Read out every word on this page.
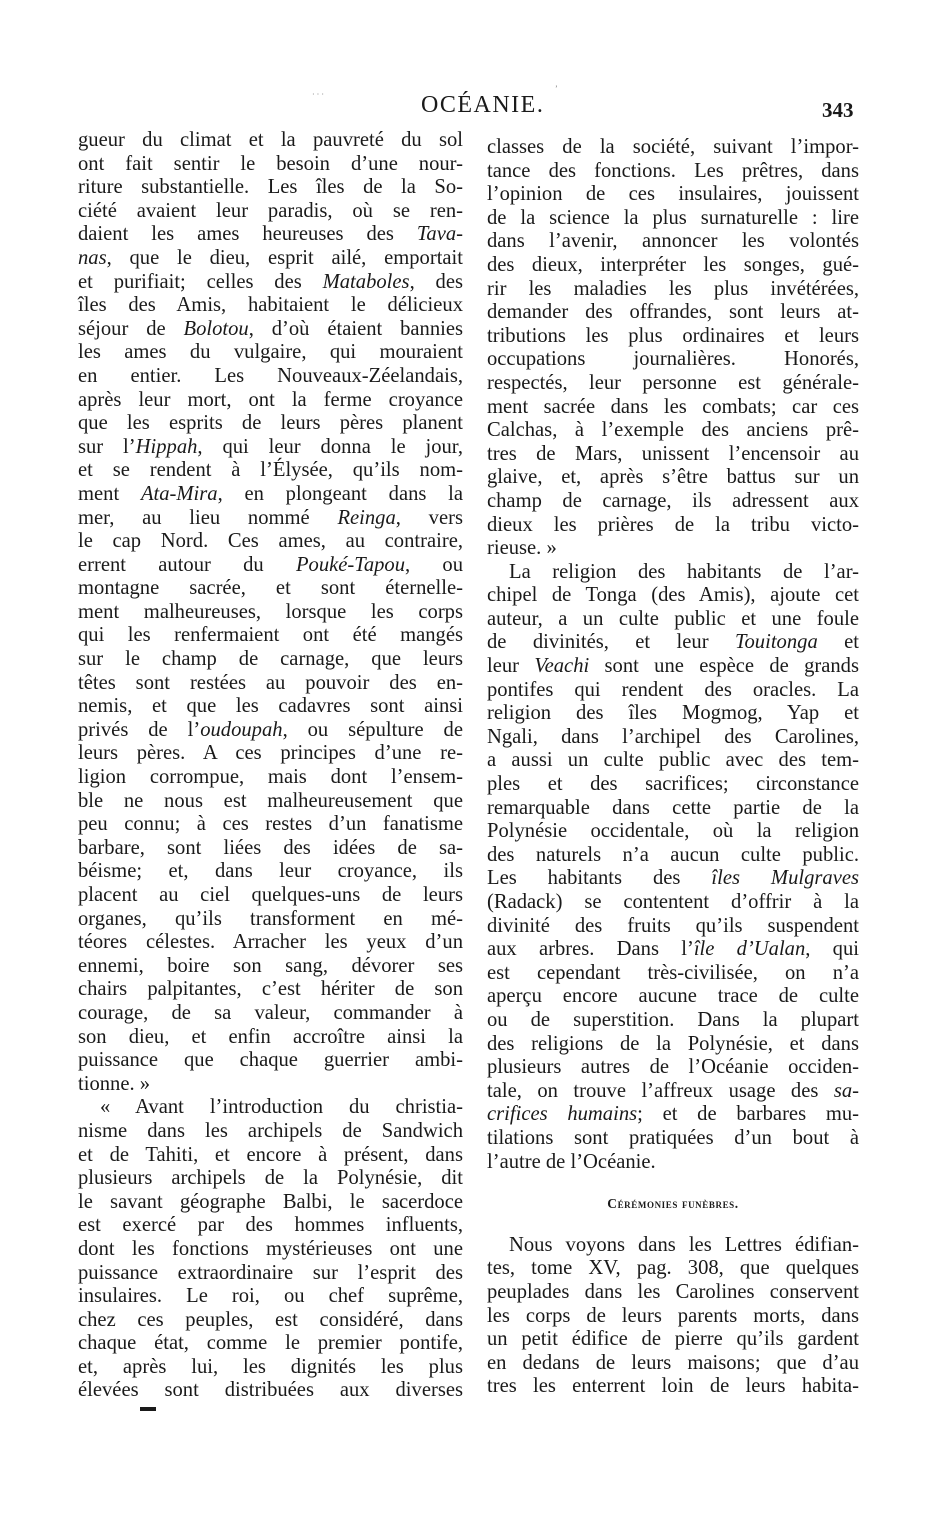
OCÉANIE.	343
gueur du climat et la pauvreté du sol
ont fait sentir le besoin d’une nour-
riture substantielle. Les îles de la So-
ciété avaient leur paradis, où se ren-
daient les ames heureuses des Tava-
nas, que le dieu, esprit ailé, emportait
et purifiait; celles des Mataboles, des
îles des Amis, habitaient le délicieux
séjour de Bolotou, d’où étaient bannies
les ames du vulgaire, qui mouraient
en entier. Les Nouveaux-Zéelandais,
après leur mort, ont la ferme croyance
que les esprits de leurs pères planent
sur l’Hippah, qui leur donna le jour,
et se rendent à l’Élysée, qu’ils nom-
ment Ata-Mira, en plongeant dans la
mer, au lieu nommé Reinga, vers
le cap Nord. Ces ames, au contraire,
errent autour du Pouké-Tapou, ou
montagne sacrée, et sont éternelle-
ment malheureuses, lorsque les corps
qui les renfermaient ont été mangés
sur le champ de carnage, que leurs
têtes sont restées au pouvoir des en-
nemis, et que les cadavres sont ainsi
privés de l’oudoupah, ou sépulture de
leurs pères. A ces principes d’une re-
ligion corrompue, mais dont l’ensem-
ble ne nous est malheureusement que
peu connu; à ces restes d’un fanatisme
barbare, sont liées des idées de sa-
béisme; et, dans leur croyance, ils
placent au ciel quelques-uns de leurs
organes, qu’ils transforment en mé-
téores célestes. Arracher les yeux d’un
ennemi, boire son sang, dévorer ses
chairs palpitantes, c’est hériter de son
courage, de sa valeur, commander à
son dieu, et enfin accroître ainsi la
puissance que chaque guerrier ambi-
tionne. »
« Avant l’introduction du christia-
nisme dans les archipels de Sandwich
et de Tahiti, et encore à présent, dans
plusieurs archipels de la Polynésie, dit
le savant géographe Balbi, le sacerdoce
est exercé par des hommes influents,
dont les fonctions mystérieuses ont une
puissance extraordinaire sur l’esprit des
insulaires. Le roi, ou chef suprême,
chez ces peuples, est considéré, dans
chaque état, comme le premier pontife,
et, après lui, les dignités les plus
élevées sont distribuées aux diverses
classes de la société, suivant l’impor-
tance des fonctions. Les prêtres, dans
l’opinion de ces insulaires, jouissent
de la science la plus surnaturelle : lire
dans l’avenir, annoncer les volontés
des dieux, interpréter les songes, gué-
rir les maladies les plus invétérées,
demander des offrandes, sont leurs at-
tributions les plus ordinaires et leurs
occupations journalières. Honorés,
respectés, leur personne est générale-
ment sacrée dans les combats; car ces
Calchas, à l’exemple des anciens prê-
tres de Mars, unissent l’encensoir au
glaive, et, après s’être battus sur un
champ de carnage, ils adressent aux
dieux les prières de la tribu victo-
rieuse. »
La religion des habitants de l’ar-
chipel de Tonga (des Amis), ajoute cet
auteur, a un culte public et une foule
de divinités, et leur Touitonga et
leur Veachi sont une espèce de grands
pontifes qui rendent des oracles. La
religion des îles Mogmog, Yap et
Ngali, dans l’archipel des Carolines,
a aussi un culte public avec des tem-
ples et des sacrifices; circonstance
remarquable dans cette partie de la
Polynésie occidentale, où la religion
des naturels n’a aucun culte public.
Les habitants des îles Mulgraves
(Radack) se contentent d’offrir à la
divinité des fruits qu’ils suspendent
aux arbres. Dans l’île d’Ualan, qui
est cependant très-civilisée, on n’a
aperçu encore aucune trace de culte
ou de superstition. Dans la plupart
des religions de la Polynésie, et dans
plusieurs autres de l’Océanie occiden-
tale, on trouve l’affreux usage des sa-
crifices humains; et de barbares mu-
tilations sont pratiquées d’un bout à
l’autre de l’Océanie.
Cérémonies funèbres.
Nous voyons dans les Lettres édifian-
tes, tome XV, pag. 308, que quelques
peuplades dans les Carolines conservent
les corps de leurs parents morts, dans
un petit édifice de pierre qu’ils gardent
en dedans de leurs maisons; que d’au
tres les enterrent loin de leurs habita-
· · ·
ʼ
